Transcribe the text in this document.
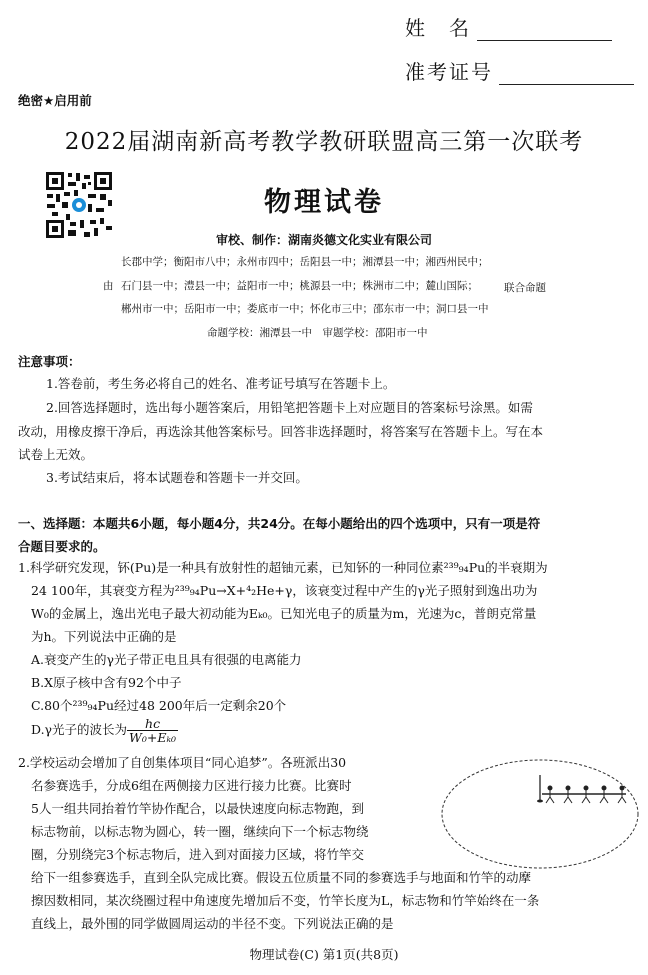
姓　名
准考证号
绝密★启用前
2022届湖南新高考教学教研联盟高三第一次联考
物理试卷
审校、制作：湖南炎德文化实业有限公司
由
长郡中学；衡阳市八中；永州市四中；岳阳县一中；湘潭县一中；湘西州民中；
石门县一中；澧县一中；益阳市一中；桃源县一中；株洲市二中；麓山国际；
郴州市一中；岳阳市一中；娄底市一中；怀化市三中；邵东市一中；洞口县一中
联合命题
命题学校：湘潭县一中　审题学校：邵阳市一中
注意事项：
1.答卷前，考生务必将自己的姓名、准考证号填写在答题卡上。
2.回答选择题时，选出每小题答案后，用铅笔把答题卡上对应题目的答案标号涂黑。如需
改动，用橡皮擦干净后，再选涂其他答案标号。回答非选择题时，将答案写在答题卡上。写在本
试卷上无效。
3.考试结束后，将本试题卷和答题卡一并交回。
一、选择题：本题共6小题，每小题4分，共24分。在每小题给出的四个选项中，只有一项是符
合题目要求的。
1.科学研究发现，钚(Pu)是一种具有放射性的超铀元素，已知钚的一种同位素²³⁹₉₄Pu的半衰期为
24 100年，其衰变方程为²³⁹₉₄Pu→X+⁴₂He+γ，该衰变过程中产生的γ光子照射到逸出功为
W₀的金属上，逸出光电子最大初动能为Eₖ₀。已知光电子的质量为m，光速为c，普朗克常量
为h。下列说法中正确的是
A.衰变产生的γ光子带正电且具有很强的电离能力
B.X原子核中含有92个中子
C.80个²³⁹₉₄Pu经过48 200年后一定剩余20个
D.γ光子的波长为 $\frac{hc}{\text{W₀+Eₖ₀}}$
2.学校运动会增加了自创集体项目“同心追梦”。各班派出30
名参赛选手，分成6组在两侧接力区进行接力比赛。比赛时
5人一组共同抬着竹竿协作配合，以最快速度向标志物跑，到
标志物前，以标志物为圆心，转一圈，继续向下一个标志物绕
圈，分别绕完3个标志物后，进入到对面接力区域，将竹竿交
给下一组参赛选手，直到全队完成比赛。假设五位质量不同的参赛选手与地面和竹竿的动摩
擦因数相同，某次绕圈过程中角速度先增加后不变，竹竿长度为L，标志物和竹竿始终在一条
直线上，最外围的同学做圆周运动的半径不变。下列说法正确的是
物理试卷(C) 第1页(共8页)
